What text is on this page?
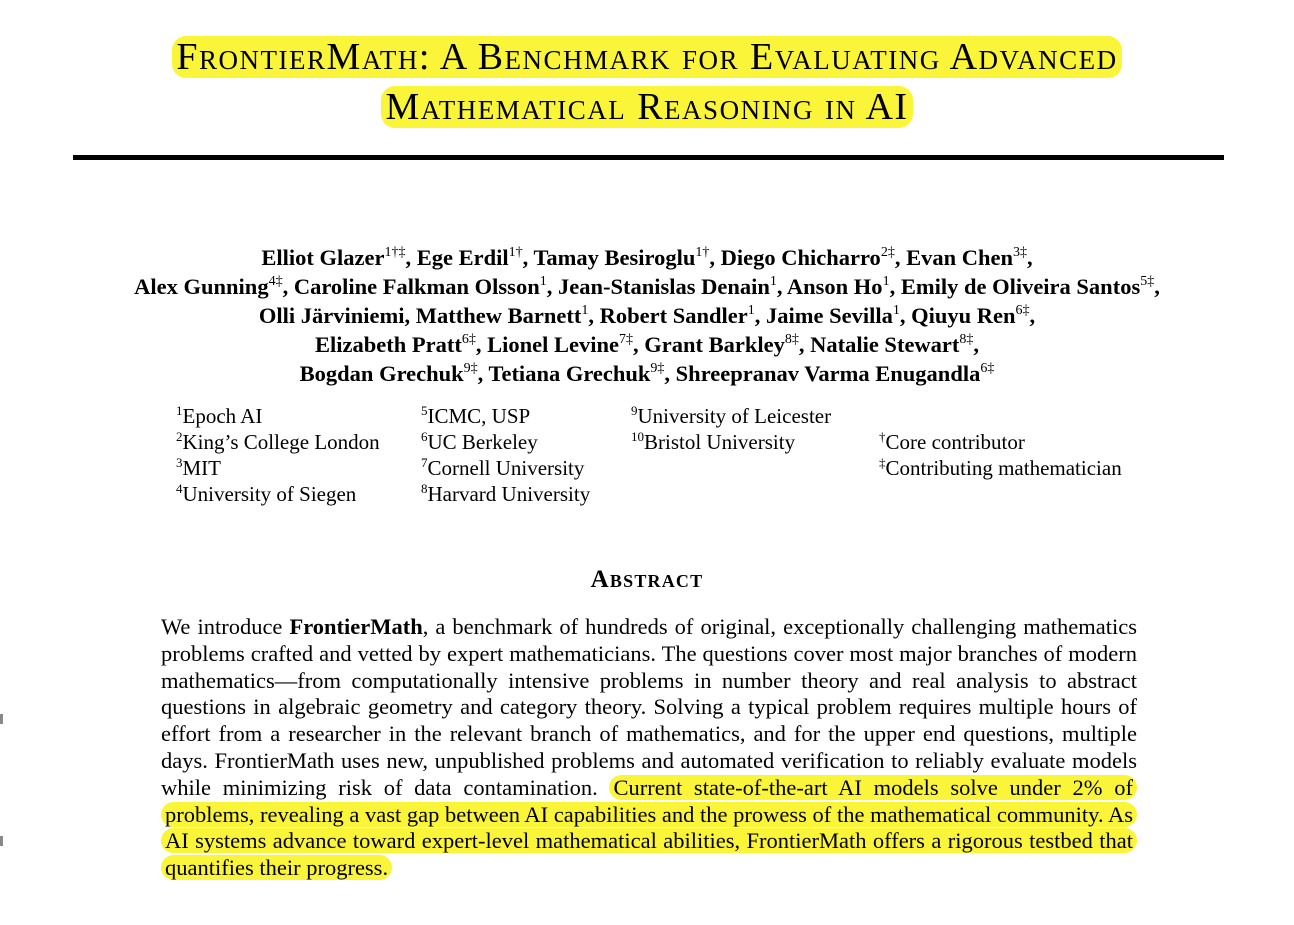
FrontierMath: A Benchmark for Evaluating Advanced
Mathematical Reasoning in AI
Elliot Glazer$^{1\dagger\ddagger}$, Ege Erdil$^{1\dagger}$, Tamay Besiroglu$^{1\dagger}$, Diego Chicharro$^{2\ddagger}$, Evan Chen$^{3\ddagger}$,
Alex Gunning$^{4\ddagger}$, Caroline Falkman Olsson$^1$, Jean-Stanislas Denain$^1$, Anson Ho$^1$, Emily de Oliveira Santos$^{5\ddagger}$,
Olli Järviniemi, Matthew Barnett$^1$, Robert Sandler$^1$, Jaime Sevilla$^1$, Qiuyu Ren$^{6\ddagger}$,
Elizabeth Pratt$^{6\ddagger}$, Lionel Levine$^{7\ddagger}$, Grant Barkley$^{8\ddagger}$, Natalie Stewart$^{8\ddagger}$,
Bogdan Grechuk$^{9\ddagger}$, Tetiana Grechuk$^{9\ddagger}$, Shreepranav Varma Enugandla$^{6\ddagger}$
$^1$Epoch AI
$^2$King’s College London
$^3$MIT
$^4$University of Siegen
$^5$ICMC, USP
$^6$UC Berkeley
$^7$Cornell University
$^8$Harvard University
$^9$University of Leicester
$^{10}$Bristol University	†Core contributor
‡Contributing mathematician
Abstract
We introduce FrontierMath, a benchmark of hundreds of original, exceptionally challenging mathematics problems crafted and vetted by expert mathematicians. The questions cover most major branches of modern mathematics—from computationally intensive problems in number theory and real analysis to abstract questions in algebraic geometry and category theory. Solving a typical problem requires multiple hours of effort from a researcher in the relevant branch of mathematics, and for the upper end questions, multiple days. FrontierMath uses new, unpublished problems and automated verification to reliably evaluate models while minimizing risk of data contamination. Current state-of-the-art AI models solve under 2% of problems, revealing a vast gap between AI capabilities and the prowess of the mathematical community. As AI systems advance toward expert-level mathematical abilities, FrontierMath offers a rigorous testbed that quantifies their progress.
